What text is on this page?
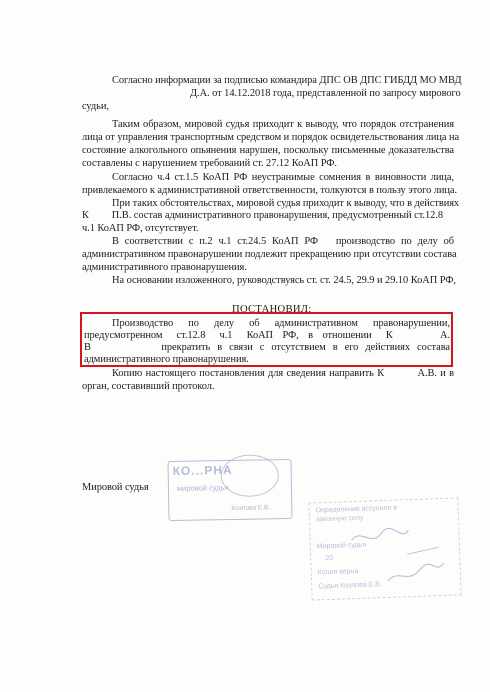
Согласно информации за подписью командира ДПС ОВ ДПС ГИБДД МО МВД
Д.А. от 14.12.2018 года, представленной по запросу мирового
судьи,
Таким образом, мировой судья приходит к выводу, что порядок отстранения
лица от управления транспортным средством и порядок освидетельствования лица на
состояние алкогольного опьянения нарушен, поскольку письменные доказательства
составлены с нарушением требований ст. 27.12 КоАП РФ.
Согласно ч.4 ст.1.5 КоАП РФ неустранимые сомнения в виновности лица,
привлекаемого к административной ответственности, толкуются в пользу этого лица.
При таких обстоятельствах, мировой судья приходит к выводу, что в действиях
К         П.В. состав административного правонарушения, предусмотренный ст.12.8
ч.1 КоАП РФ, отсутствует.
В соответствии с п.2 ч.1 ст.24.5 КоАП РФ   производство по делу об
административном правонарушении подлежит прекращению при отсутствии состава
административного правонарушения.
На основании изложенного, руководствуясь ст. ст. 24.5, 29.9 и 29.10 КоАП РФ,
ПОСТАНОВИЛ:
Производство   по   делу   об   административном   правонарушении,
предусмотренном   ст.12.8   ч.1   КоАП  РФ,  в  отношении   К          А.
В          прекратить в связи с отсутствием в его действиях состава
административного правонарушения.
Копию настоящего постановления для сведения направить К          А.В. и в
орган, составивший протокол.
Мировой судья
КО...РНА
мировой судья
Козлова Е.В.	Определение вступило в
законную силу
Мировой судья
20
Копия верна
Судья Козлова Е.В.
